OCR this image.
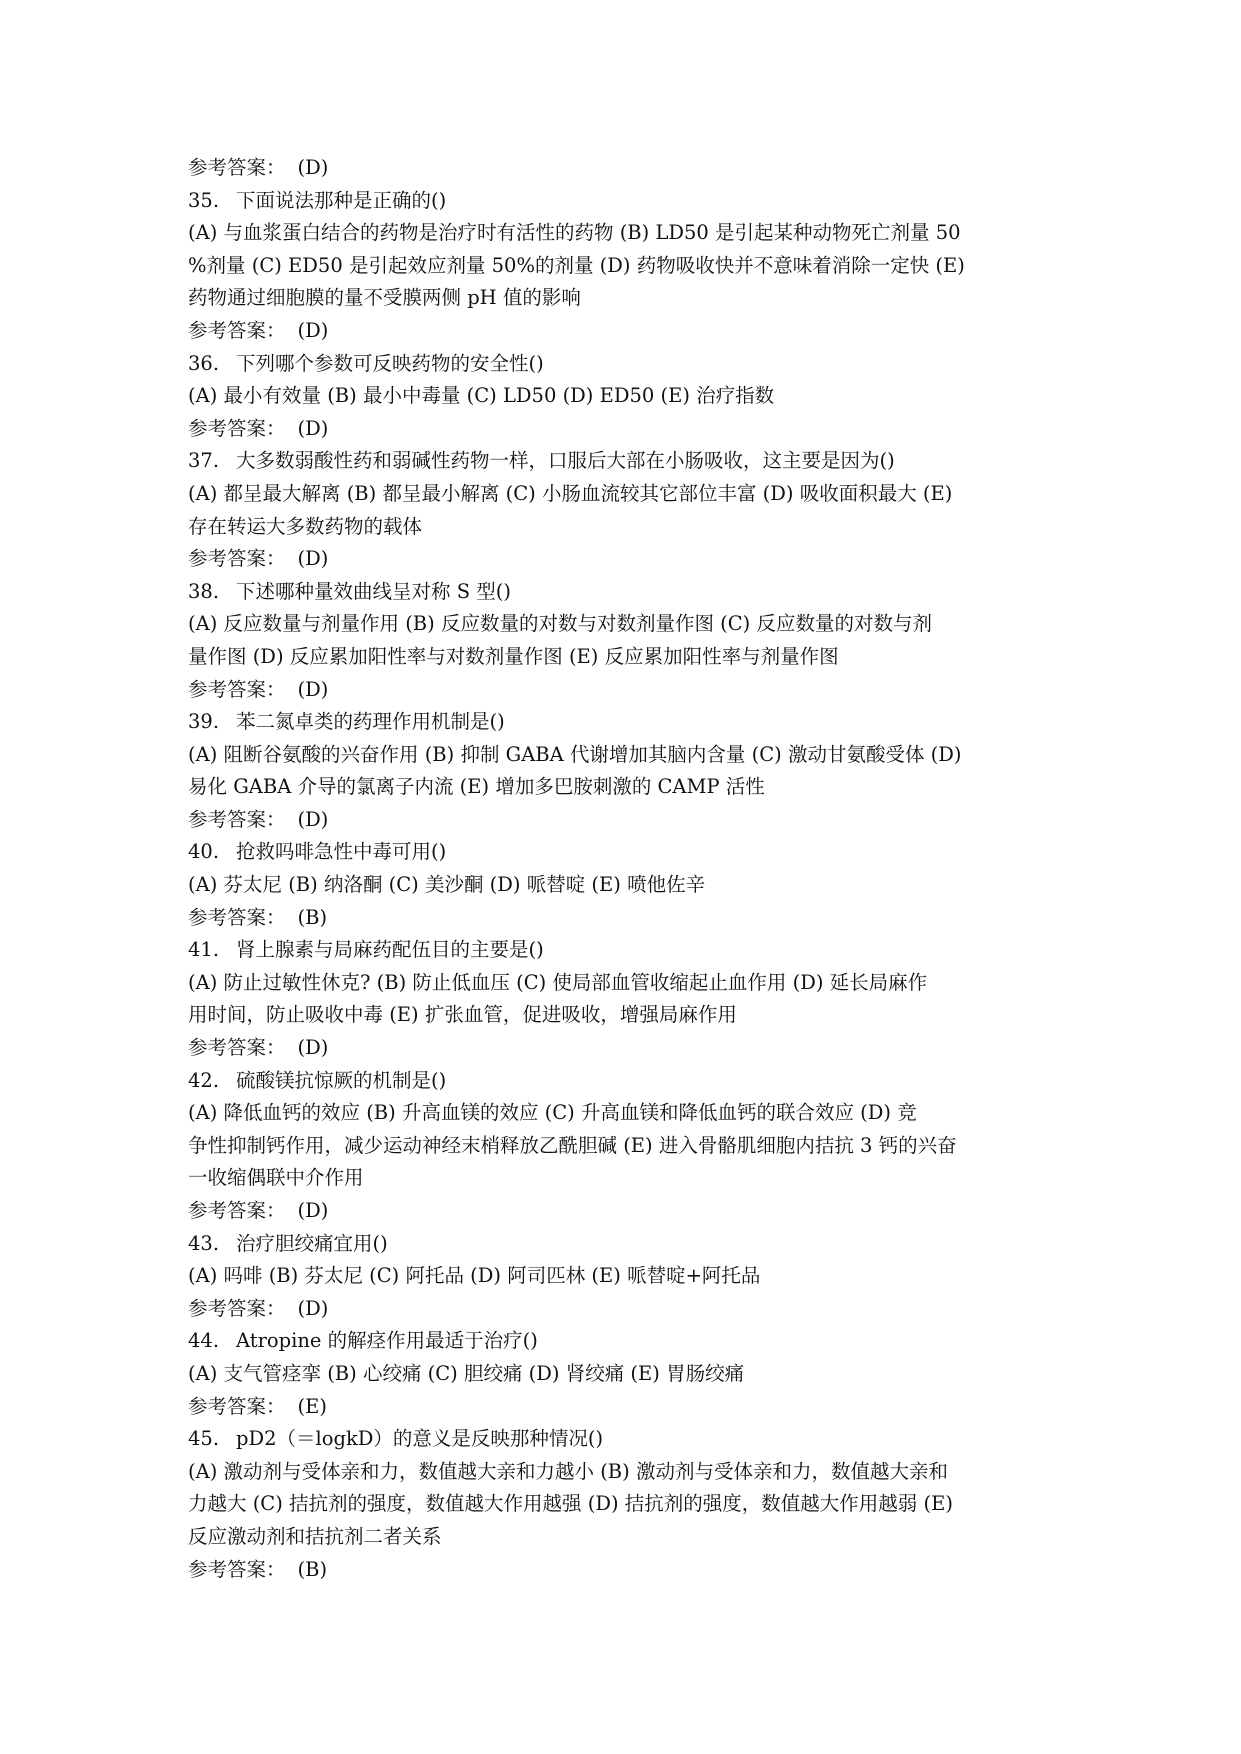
参考答案： (D)
35. 下面说法那种是正确的()
(A) 与血浆蛋白结合的药物是治疗时有活性的药物 (B) LD50 是引起某种动物死亡剂量 50
%剂量 (C) ED50 是引起效应剂量 50%的剂量 (D) 药物吸收快并不意味着消除一定快 (E)
药物通过细胞膜的量不受膜两侧 pH 值的影响
参考答案： (D)
36. 下列哪个参数可反映药物的安全性()
(A) 最小有效量 (B) 最小中毒量 (C) LD50 (D) ED50 (E) 治疗指数
参考答案： (D)
37. 大多数弱酸性药和弱碱性药物一样，口服后大部在小肠吸收，这主要是因为()
(A) 都呈最大解离 (B) 都呈最小解离 (C) 小肠血流较其它部位丰富 (D) 吸收面积最大 (E)
存在转运大多数药物的载体
参考答案： (D)
38. 下述哪种量效曲线呈对称 S 型()
(A) 反应数量与剂量作用 (B) 反应数量的对数与对数剂量作图 (C) 反应数量的对数与剂
量作图 (D) 反应累加阳性率与对数剂量作图 (E) 反应累加阳性率与剂量作图
参考答案： (D)
39. 苯二氮卓类的药理作用机制是()
(A) 阻断谷氨酸的兴奋作用 (B) 抑制 GABA 代谢增加其脑内含量 (C) 激动甘氨酸受体 (D)
易化 GABA 介导的氯离子内流 (E) 增加多巴胺刺激的 CAMP 活性
参考答案： (D)
40. 抢救吗啡急性中毒可用()
(A) 芬太尼 (B) 纳洛酮 (C) 美沙酮 (D) 哌替啶 (E) 喷他佐辛
参考答案： (B)
41. 肾上腺素与局麻药配伍目的主要是()
(A) 防止过敏性休克? (B) 防止低血压 (C) 使局部血管收缩起止血作用 (D) 延长局麻作
用时间，防止吸收中毒 (E) 扩张血管，促进吸收，增强局麻作用
参考答案： (D)
42. 硫酸镁抗惊厥的机制是()
(A) 降低血钙的效应 (B) 升高血镁的效应 (C) 升高血镁和降低血钙的联合效应 (D) 竞
争性抑制钙作用，减少运动神经末梢释放乙酰胆碱 (E) 进入骨骼肌细胞内拮抗 3 钙的兴奋
一收缩偶联中介作用
参考答案： (D)
43. 治疗胆绞痛宜用()
(A) 吗啡 (B) 芬太尼 (C) 阿托品 (D) 阿司匹林 (E) 哌替啶+阿托品
参考答案： (D)
44. Atropine 的解痉作用最适于治疗()
(A) 支气管痉挛 (B) 心绞痛 (C) 胆绞痛 (D) 肾绞痛 (E) 胃肠绞痛
参考答案： (E)
45. pD2（＝logkD）的意义是反映那种情况()
(A) 激动剂与受体亲和力，数值越大亲和力越小 (B) 激动剂与受体亲和力，数值越大亲和
力越大 (C) 拮抗剂的强度，数值越大作用越强 (D) 拮抗剂的强度，数值越大作用越弱 (E)
反应激动剂和拮抗剂二者关系
参考答案： (B)
